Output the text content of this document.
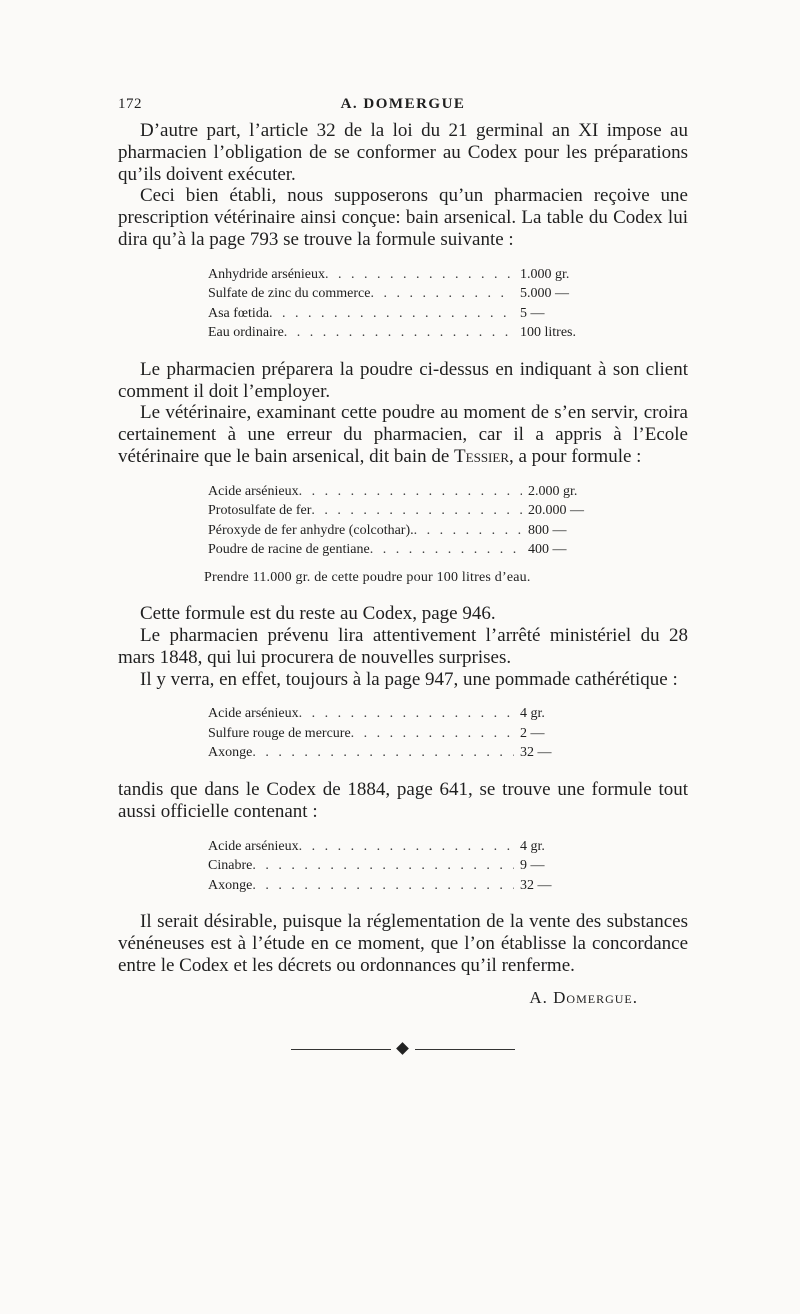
172	A. DOMERGUE

D’autre part, l’article 32 de la loi du 21 germinal an XI impose au pharmacien l’obligation de se conformer au Codex pour les préparations qu’ils doivent exécuter.

Ceci bien établi, nous supposerons qu’un pharmacien reçoive une prescription vétérinaire ainsi conçue: bain arsenical. La table du Codex lui dira qu’à la page 793 se trouve la formule suivante :

Anhydride arsénieux . . .	1.000 gr.
Sulfate de zinc du commerce . . .	5.000 —
Asa fœtida . . .	5 —
Eau ordinaire . . .	100 litres.

Le pharmacien préparera la poudre ci-dessus en indiquant à son client comment il doit l’employer.

Le vétérinaire, examinant cette poudre au moment de s’en servir, croira certainement à une erreur du pharmacien, car il a appris à l’Ecole vétérinaire que le bain arsenical, dit bain de Tessier, a pour formule :

Acide arsénieux . . .	2.000 gr.
Protosulfate de fer . . .	20.000 —
Péroxyde de fer anhydre (colcothar). . . .	800 —
Poudre de racine de gentiane . . .	400 —
Prendre 11.000 gr. de cette poudre pour 100 litres d’eau.

Cette formule est du reste au Codex, page 946.

Le pharmacien prévenu lira attentivement l’arrêté ministériel du 28 mars 1848, qui lui procurera de nouvelles surprises.

Il y verra, en effet, toujours à la page 947, une pommade cathérétique :

Acide arsénieux . . .	4 gr.
Sulfure rouge de mercure . . .	2 —
Axonge . . .	32 —

tandis que dans le Codex de 1884, page 641, se trouve une formule tout aussi officielle contenant :

Acide arsénieux . . .	4 gr.
Cinabre . . .	9 —
Axonge . . .	32 —

Il serait désirable, puisque la réglementation de la vente des substances vénéneuses est à l’étude en ce moment, que l’on établisse la concordance entre le Codex et les décrets ou ordonnances qu’il renferme.

A. Domergue.
